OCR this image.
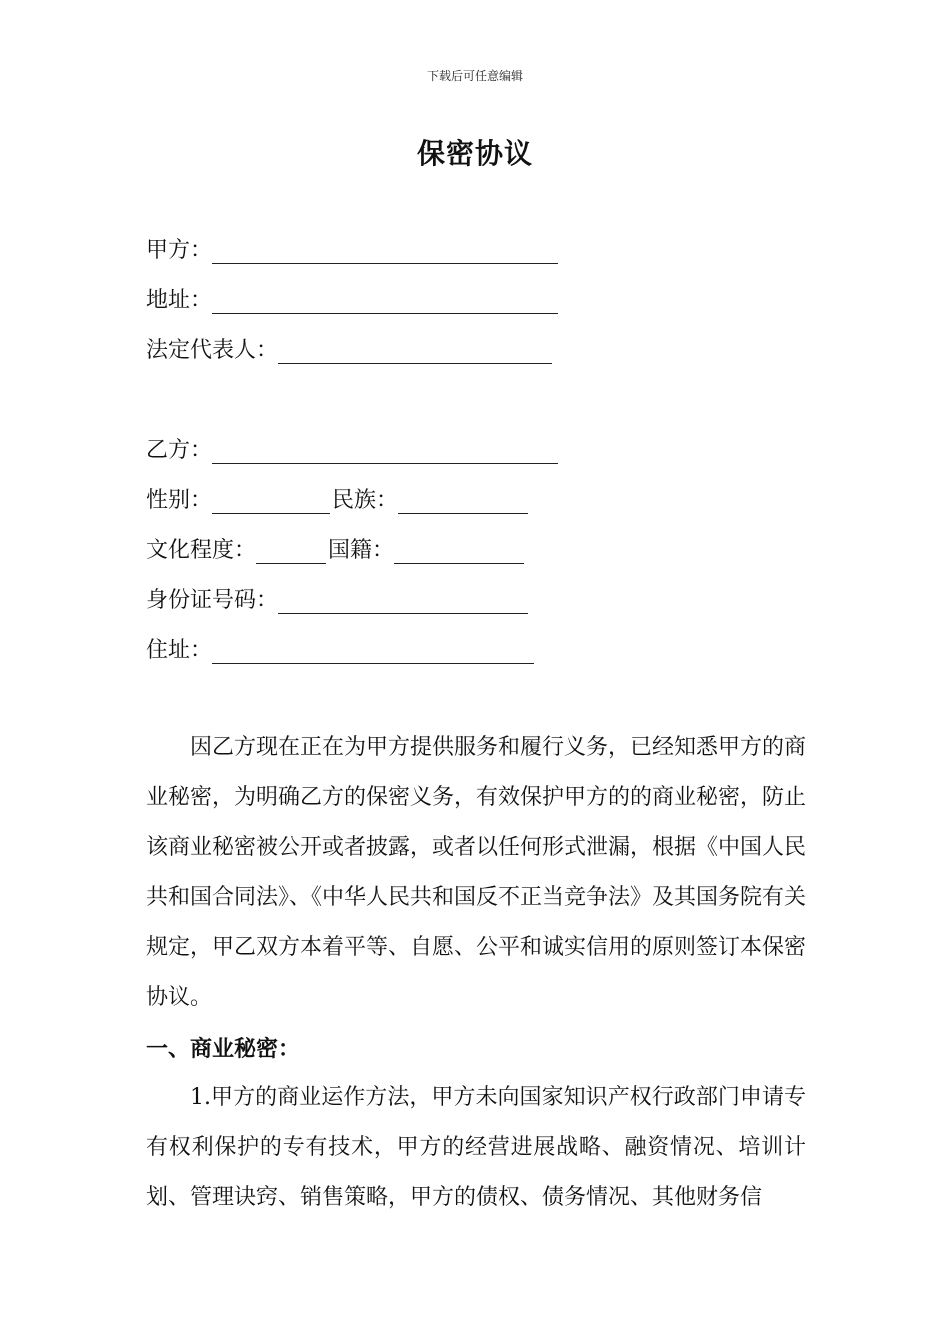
下载后可任意编辑
保密协议
甲方：
地址：
法定代表人：
乙方：
性别：	民族：
文化程度：	国籍：
身份证号码：
住址：
因乙方现在正在为甲方提供服务和履行义务，已经知悉甲方的商业秘密，为明确乙方的保密义务，有效保护甲方的的商业秘密，防止该商业秘密被公开或者披露，或者以任何形式泄漏，根据《中国人民共和国合同法》、《中华人民共和国反不正当竞争法》及其国务院有关规定，甲乙双方本着平等、自愿、公平和诚实信用的原则签订本保密协议。
一、商业秘密：
1.甲方的商业运作方法，甲方未向国家知识产权行政部门申请专有权利保护的专有技术，甲方的经营进展战略、融资情况、培训计划、管理诀窍、销售策略，甲方的债权、债务情况、其他财务信
